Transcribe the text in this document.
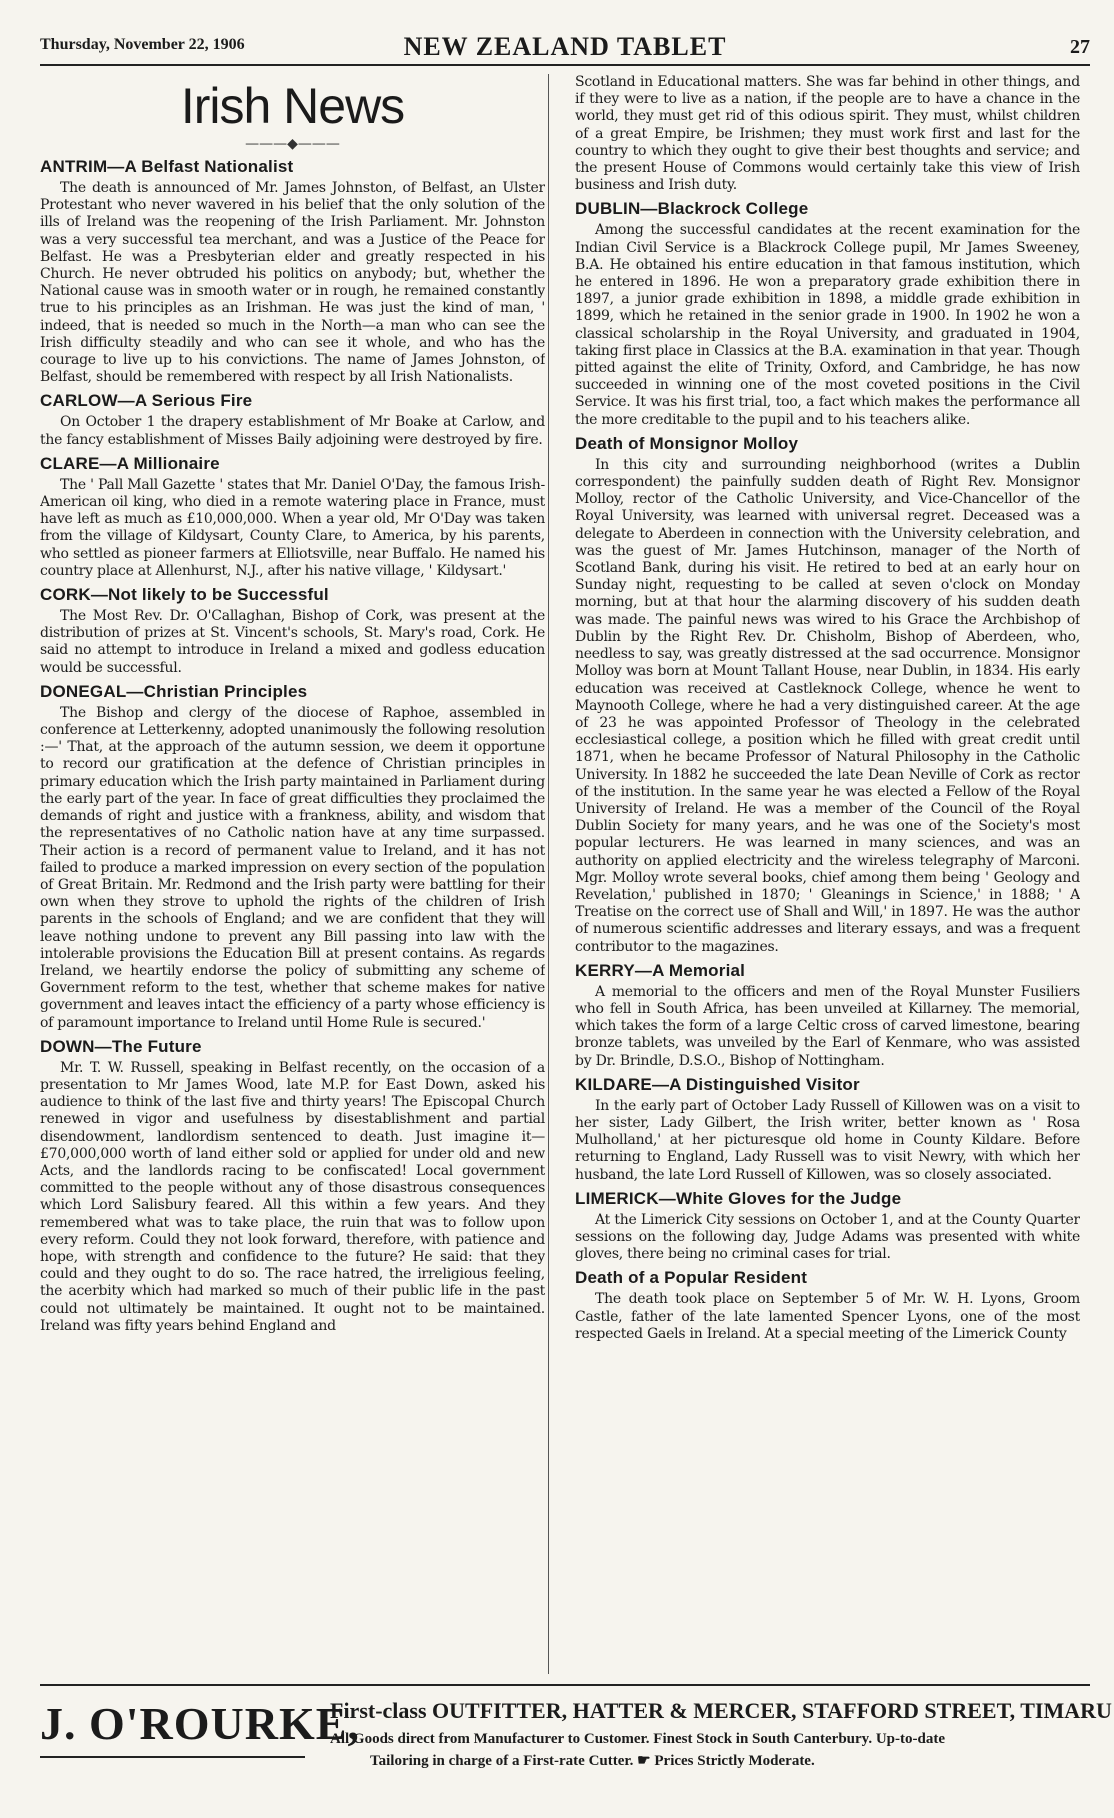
Thursday, November 22, 1906	NEW ZEALAND TABLET	27
Irish News
———◆———
ANTRIM—A Belfast Nationalist

The death is announced of Mr. James Johnston, of Belfast, an Ulster Protestant who never wavered in his belief that the only solution of the ills of Ireland was the reopening of the Irish Parliament. Mr. Johnston was a very successful tea merchant, and was a Justice of the Peace for Belfast. He was a Presbyterian elder and greatly respected in his Church. He never obtruded his politics on anybody; but, whether the National cause was in smooth water or in rough, he remained constantly true to his principles as an Irishman. He was just the kind of man, ' indeed, that is needed so much in the North—a man who can see the Irish difficulty steadily and who can see it whole, and who has the courage to live up to his convictions. The name of James Johnston, of Belfast, should be remembered with respect by all Irish Nationalists.

CARLOW—A Serious Fire

On October 1 the drapery establishment of Mr Boake at Carlow, and the fancy establishment of Misses Baily adjoining were destroyed by fire.

CLARE—A Millionaire

The ' Pall Mall Gazette ' states that Mr. Daniel O'Day, the famous Irish-American oil king, who died in a remote watering place in France, must have left as much as £10,000,000. When a year old, Mr O'Day was taken from the village of Kildysart, County Clare, to America, by his parents, who settled as pioneer farmers at Elliotsville, near Buffalo. He named his country place at Allenhurst, N.J., after his native village, ' Kildysart.'

CORK—Not likely to be Successful

The Most Rev. Dr. O'Callaghan, Bishop of Cork, was present at the distribution of prizes at St. Vincent's schools, St. Mary's road, Cork. He said no attempt to introduce in Ireland a mixed and godless education would be successful.

DONEGAL—Christian Principles

The Bishop and clergy of the diocese of Raphoe, assembled in conference at Letterkenny, adopted unanimously the following resolution :—' That, at the approach of the autumn session, we deem it opportune to record our gratification at the defence of Christian principles in primary education which the Irish party maintained in Parliament during the early part of the year. In face of great difficulties they proclaimed the demands of right and justice with a frankness, ability, and wisdom that the representatives of no Catholic nation have at any time surpassed. Their action is a record of permanent value to Ireland, and it has not failed to produce a marked impression on every section of the population of Great Britain. Mr. Redmond and the Irish party were battling for their own when they strove to uphold the rights of the children of Irish parents in the schools of England; and we are confident that they will leave nothing undone to prevent any Bill passing into law with the intolerable provisions the Education Bill at present contains. As regards Ireland, we heartily endorse the policy of submitting any scheme of Government reform to the test, whether that scheme makes for native government and leaves intact the efficiency of a party whose efficiency is of paramount importance to Ireland until Home Rule is secured.'

DOWN—The Future

Mr. T. W. Russell, speaking in Belfast recently, on the occasion of a presentation to Mr James Wood, late M.P. for East Down, asked his audience to think of the last five and thirty years! The Episcopal Church renewed in vigor and usefulness by disestablishment and partial disendowment, landlordism sentenced to death. Just imagine it—£70,000,000 worth of land either sold or applied for under old and new Acts, and the landlords racing to be confiscated! Local government committed to the people without any of those disastrous consequences which Lord Salisbury feared. All this within a few years. And they remembered what was to take place, the ruin that was to follow upon every reform. Could they not look forward, therefore, with patience and hope, with strength and confidence to the future? He said: that they could and they ought to do so. The race hatred, the irreligious feeling, the acerbity which had marked so much of their public life in the past could not ultimately be maintained. It ought not to be maintained. Ireland was fifty years behind England and

Scotland in Educational matters. She was far behind in other things, and if they were to live as a nation, if the people are to have a chance in the world, they must get rid of this odious spirit. They must, whilst children of a great Empire, be Irishmen; they must work first and last for the country to which they ought to give their best thoughts and service; and the present House of Commons would certainly take this view of Irish business and Irish duty.

DUBLIN—Blackrock College

Among the successful candidates at the recent examination for the Indian Civil Service is a Blackrock College pupil, Mr James Sweeney, B.A. He obtained his entire education in that famous institution, which he entered in 1896. He won a preparatory grade exhibition there in 1897, a junior grade exhibition in 1898, a middle grade exhibition in 1899, which he retained in the senior grade in 1900. In 1902 he won a classical scholarship in the Royal University, and graduated in 1904, taking first place in Classics at the B.A. examination in that year. Though pitted against the elite of Trinity, Oxford, and Cambridge, he has now succeeded in winning one of the most coveted positions in the Civil Service. It was his first trial, too, a fact which makes the performance all the more creditable to the pupil and to his teachers alike.

Death of Monsignor Molloy

In this city and surrounding neighborhood (writes a Dublin correspondent) the painfully sudden death of Right Rev. Monsignor Molloy, rector of the Catholic University, and Vice-Chancellor of the Royal University, was learned with universal regret. Deceased was a delegate to Aberdeen in connection with the University celebration, and was the guest of Mr. James Hutchinson, manager of the North of Scotland Bank, during his visit. He retired to bed at an early hour on Sunday night, requesting to be called at seven o'clock on Monday morning, but at that hour the alarming discovery of his sudden death was made. The painful news was wired to his Grace the Archbishop of Dublin by the Right Rev. Dr. Chisholm, Bishop of Aberdeen, who, needless to say, was greatly distressed at the sad occurrence. Monsignor Molloy was born at Mount Tallant House, near Dublin, in 1834. His early education was received at Castleknock College, whence he went to Maynooth College, where he had a very distinguished career. At the age of 23 he was appointed Professor of Theology in the celebrated ecclesiastical college, a position which he filled with great credit until 1871, when he became Professor of Natural Philosophy in the Catholic University. In 1882 he succeeded the late Dean Neville of Cork as rector of the institution. In the same year he was elected a Fellow of the Royal University of Ireland. He was a member of the Council of the Royal Dublin Society for many years, and he was one of the Society's most popular lecturers. He was learned in many sciences, and was an authority on applied electricity and the wireless telegraphy of Marconi. Mgr. Molloy wrote several books, chief among them being ' Geology and Revelation,' published in 1870; ' Gleanings in Science,' in 1888; ' A Treatise on the correct use of Shall and Will,' in 1897. He was the author of numerous scientific addresses and literary essays, and was a frequent contributor to the magazines.

KERRY—A Memorial

A memorial to the officers and men of the Royal Munster Fusiliers who fell in South Africa, has been unveiled at Killarney. The memorial, which takes the form of a large Celtic cross of carved limestone, bearing bronze tablets, was unveiled by the Earl of Kenmare, who was assisted by Dr. Brindle, D.S.O., Bishop of Nottingham.

KILDARE—A Distinguished Visitor

In the early part of October Lady Russell of Killowen was on a visit to her sister, Lady Gilbert, the Irish writer, better known as ' Rosa Mulholland,' at her picturesque old home in County Kildare. Before returning to England, Lady Russell was to visit Newry, with which her husband, the late Lord Russell of Killowen, was so closely associated.

LIMERICK—White Gloves for the Judge

At the Limerick City sessions on October 1, and at the County Quarter sessions on the following day, Judge Adams was presented with white gloves, there being no criminal cases for trial.

Death of a Popular Resident

The death took place on September 5 of Mr. W. H. Lyons, Groom Castle, father of the late lamented Spencer Lyons, one of the most respected Gaels in Ireland. At a special meeting of the Limerick County

J. O'ROURKE,
First-class OUTFITTER, HATTER & MERCER, STAFFORD STREET, TIMARU
All Goods direct from Manufacturer to Customer. Finest Stock in South Canterbury. Up-to-date
Tailoring in charge of a First-rate Cutter. ☛ Prices Strictly Moderate.
